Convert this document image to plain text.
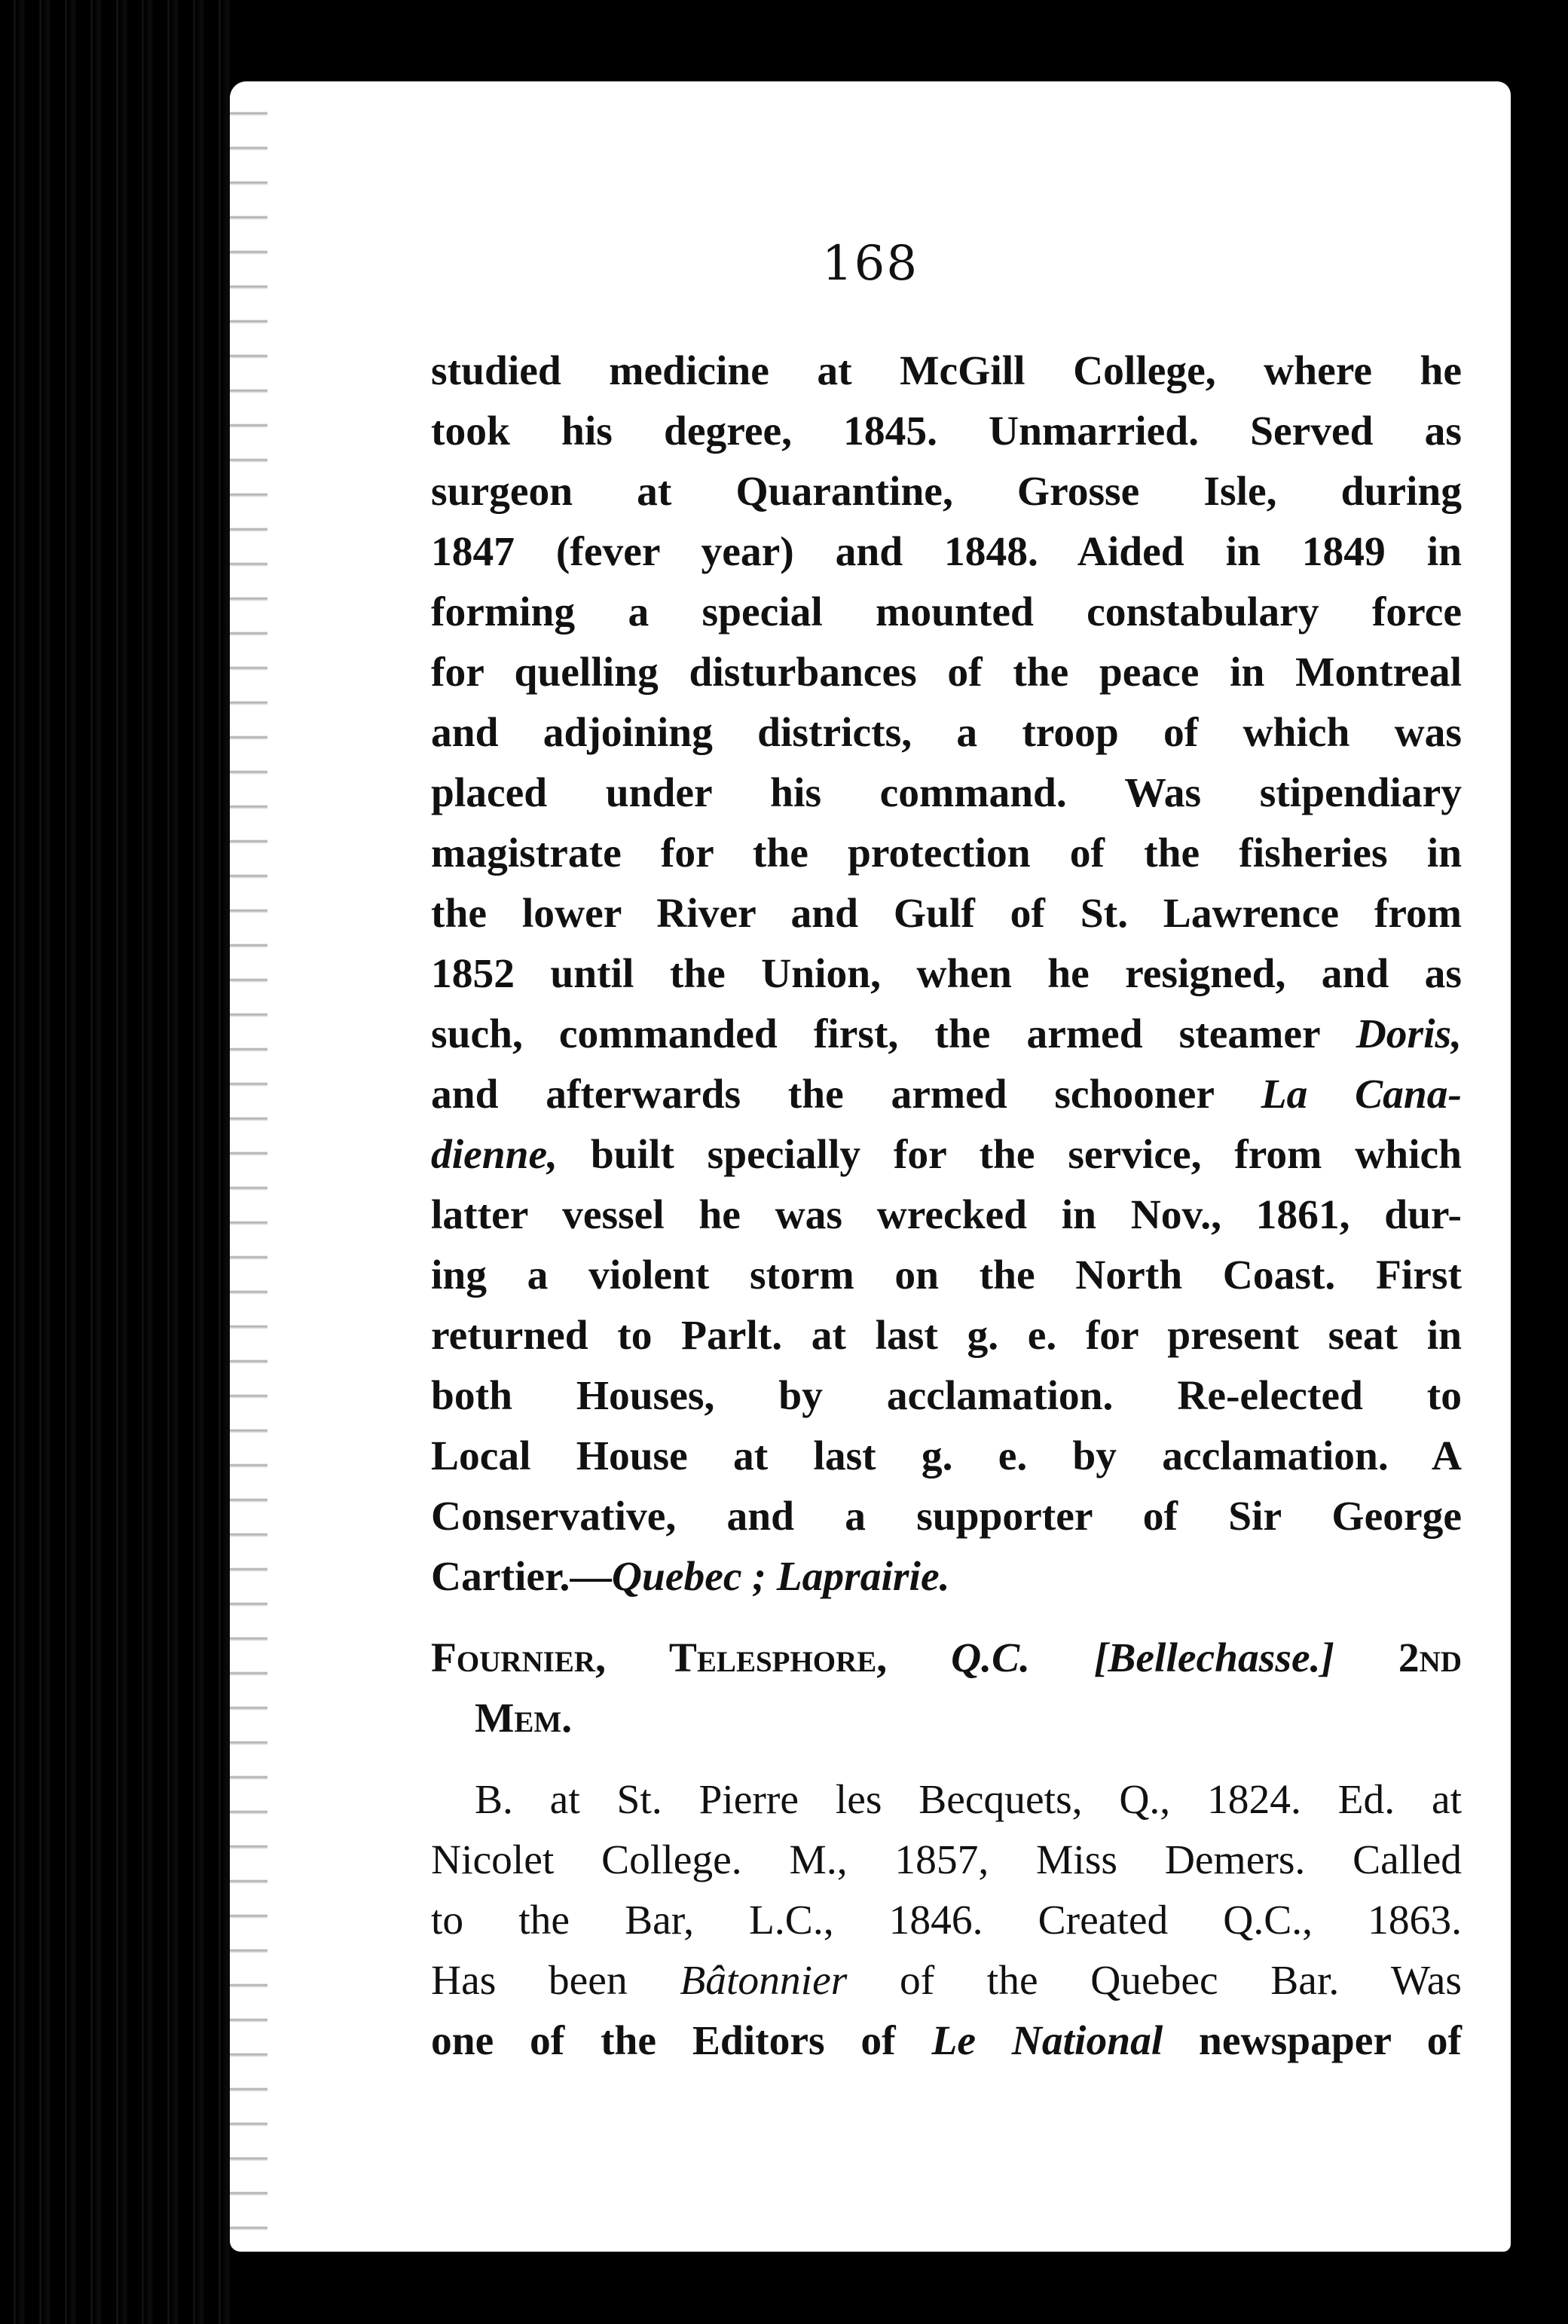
168
studied medicine at McGill College, where he
took his degree, 1845. Unmarried. Served as
surgeon at Quarantine, Grosse Isle, during
1847 (fever year) and 1848. Aided in 1849 in
forming a special mounted constabulary force
for quelling disturbances of the peace in Montreal
and adjoining districts, a troop of which was
placed under his command. Was stipendiary
magistrate for the protection of the fisheries in
the lower River and Gulf of St. Lawrence from
1852 until the Union, when he resigned, and as
such, commanded first, the armed steamer Doris,
and afterwards the armed schooner La Cana-
dienne, built specially for the service, from which
latter vessel he was wrecked in Nov., 1861, dur-
ing a violent storm on the North Coast. First
returned to Parlt. at last g. e. for present seat in
both Houses, by acclamation. Re-elected to
Local House at last g. e. by acclamation. A
Conservative, and a supporter of Sir George
Cartier.—Quebec ; Laprairie.
Fournier, Telesphore, Q.C. [Bellechasse.] 2nd
Mem.
B. at St. Pierre les Becquets, Q., 1824. Ed. at
Nicolet College. M., 1857, Miss Demers. Called
to the Bar, L.C., 1846. Created Q.C., 1863.
Has been Bâtonnier of the Quebec Bar. Was
one of the Editors of Le National newspaper of
